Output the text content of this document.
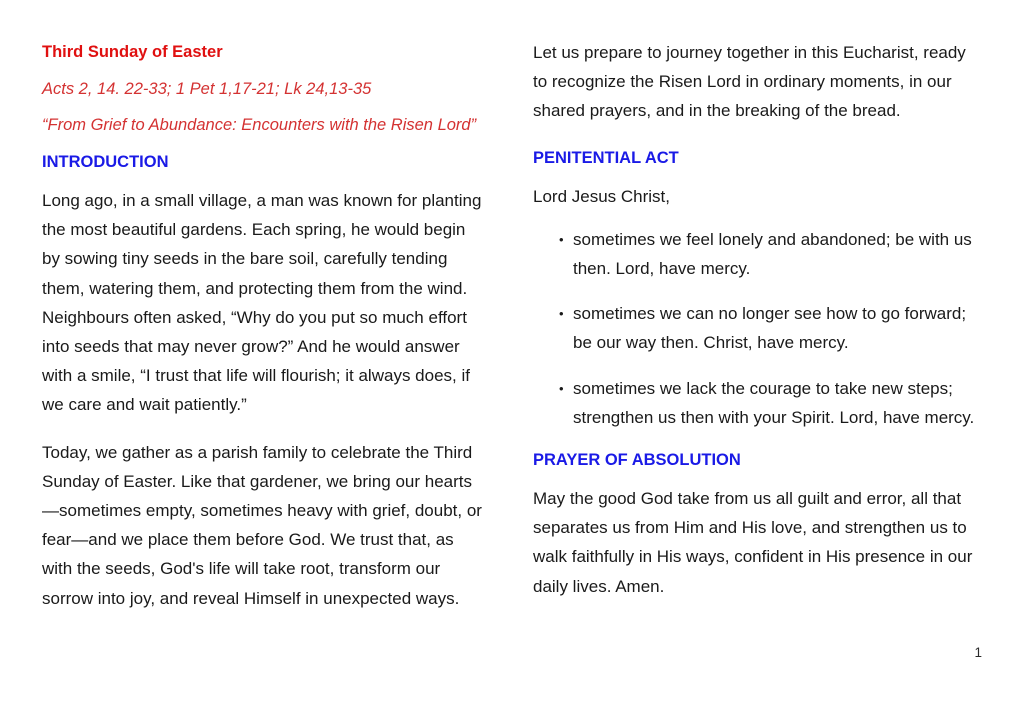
Third Sunday of Easter

Acts 2, 14. 22-33; 1 Pet 1,17-21; Lk 24,13-35

“From Grief to Abundance: Encounters with the Risen Lord”

INTRODUCTION

Long ago, in a small village, a man was known for planting the most beautiful gardens. Each spring, he would begin by sowing tiny seeds in the bare soil, carefully tending them, watering them, and protecting them from the wind. Neighbours often asked, “Why do you put so much effort into seeds that may never grow?” And he would answer with a smile, “I trust that life will flourish; it always does, if we care and wait patiently.”

Today, we gather as a parish family to celebrate the Third Sunday of Easter. Like that gardener, we bring our hearts—sometimes empty, sometimes heavy with grief, doubt, or fear—and we place them before God. We trust that, as with the seeds, God's life will take root, transform our sorrow into joy, and reveal Himself in unexpected ways.

Let us prepare to journey together in this Eucharist, ready to recognize the Risen Lord in ordinary moments, in our shared prayers, and in the breaking of the bread.

PENITENTIAL ACT

Lord Jesus Christ,

• sometimes we feel lonely and abandoned; be with us then. Lord, have mercy.
• sometimes we can no longer see how to go forward; be our way then. Christ, have mercy.
• sometimes we lack the courage to take new steps; strengthen us then with your Spirit. Lord, have mercy.

PRAYER OF ABSOLUTION

May the good God take from us all guilt and error, all that separates us from Him and His love, and strengthen us to walk faithfully in His ways, confident in His presence in our daily lives. Amen.

1
